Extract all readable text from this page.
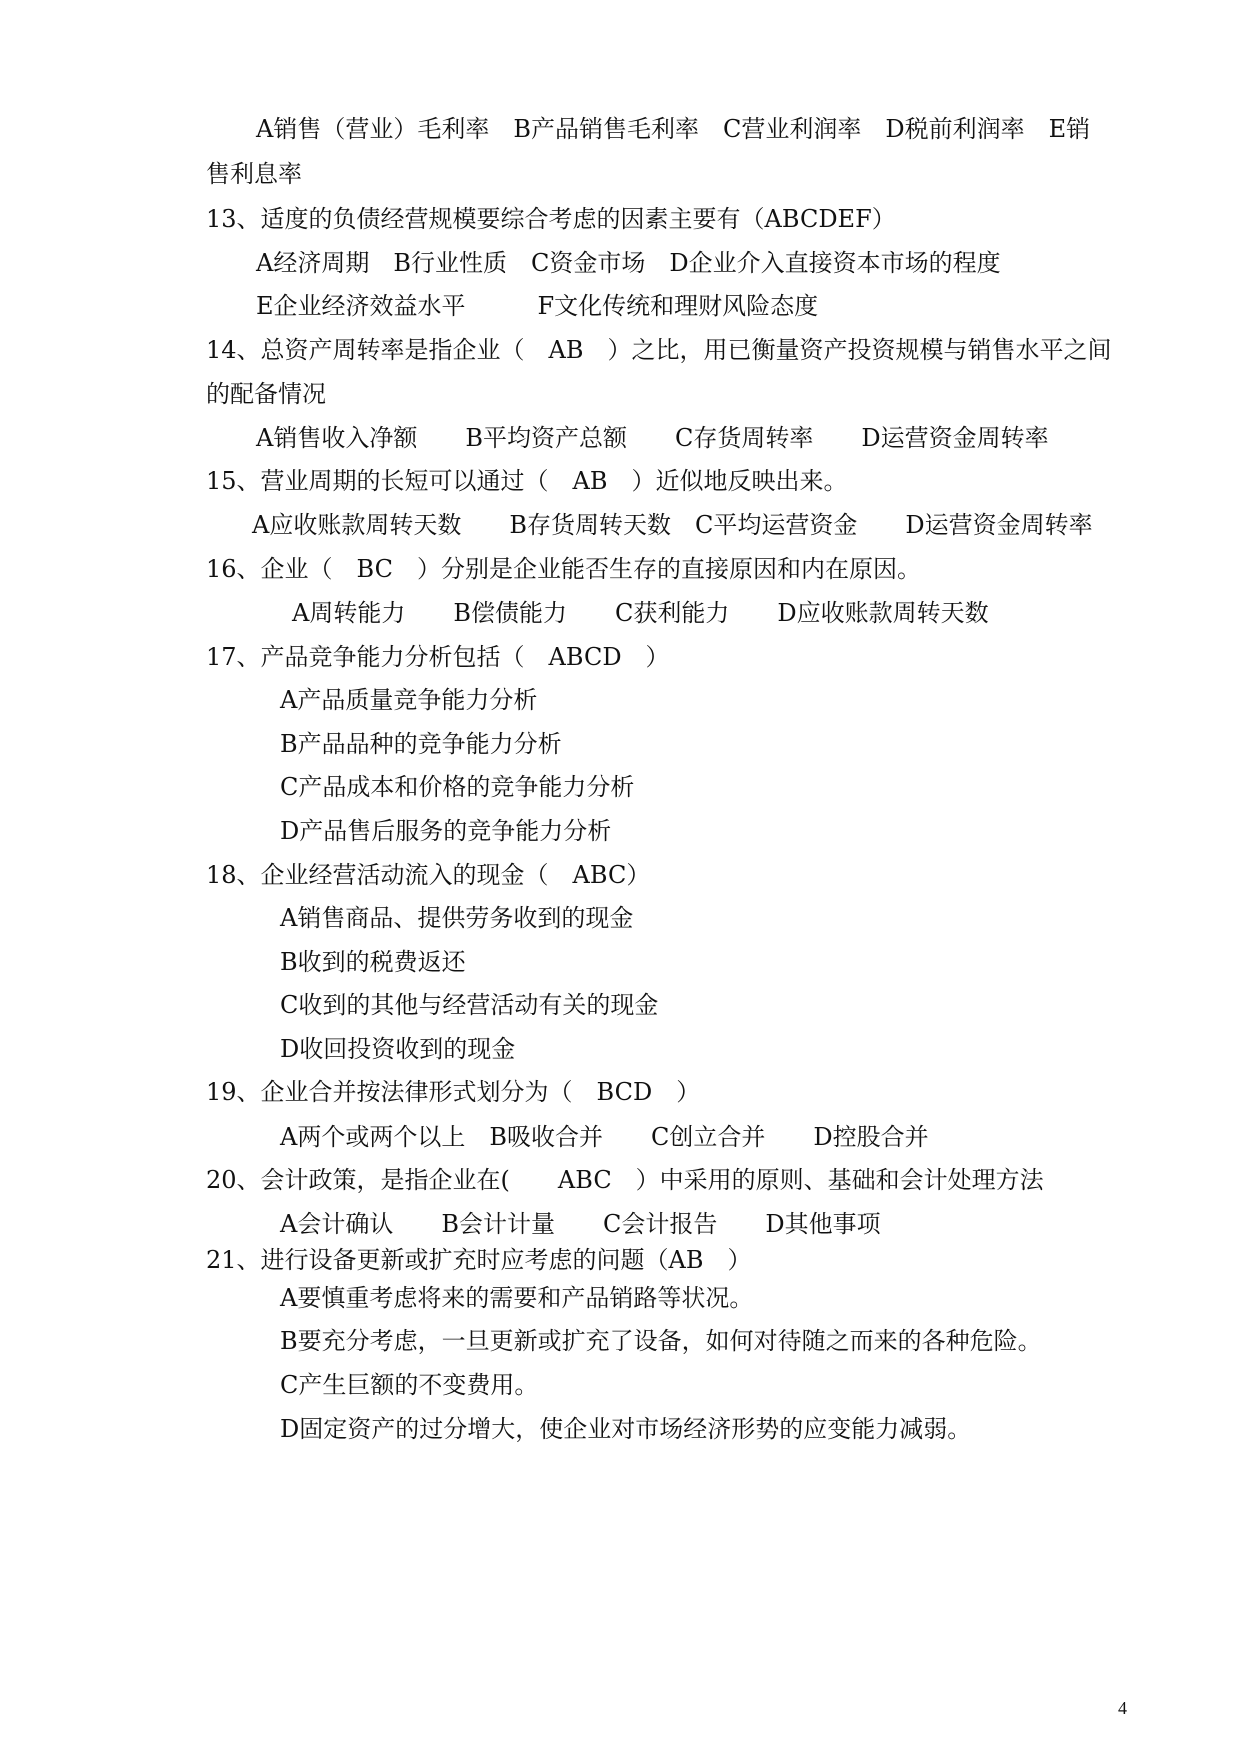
A销售（营业）毛利率　B产品销售毛利率　C营业利润率　D税前利润率　E销
售利息率
13、适度的负债经营规模要综合考虑的因素主要有（ABCDEF）
A经济周期　B行业性质　C资金市场　D企业介入直接资本市场的程度
E企业经济效益水平　　　F文化传统和理财风险态度
14、总资产周转率是指企业（　AB　）之比，用已衡量资产投资规模与销售水平之间
的配备情况
A销售收入净额　　B平均资产总额　　C存货周转率　　D运营资金周转率
15、营业周期的长短可以通过（　AB　）近似地反映出来。
A应收账款周转天数　　B存货周转天数　C平均运营资金　　D运营资金周转率
16、企业（　BC　）分别是企业能否生存的直接原因和内在原因。
A周转能力　　B偿债能力　　C获利能力　　D应收账款周转天数
17、产品竞争能力分析包括（　ABCD　）
A产品质量竞争能力分析
B产品品种的竞争能力分析
C产品成本和价格的竞争能力分析
D产品售后服务的竞争能力分析
18、企业经营活动流入的现金（　ABC）
A销售商品、提供劳务收到的现金
B收到的税费返还
C收到的其他与经营活动有关的现金
D收回投资收到的现金
19、企业合并按法律形式划分为（　BCD　）
A两个或两个以上　B吸收合并　　C创立合并　　D控股合并
20、会计政策，是指企业在(　　ABC　）中采用的原则、基础和会计处理方法
A会计确认　　B会计计量　　C会计报告　　D其他事项
21、进行设备更新或扩充时应考虑的问题（AB　）
A要慎重考虑将来的需要和产品销路等状况。
B要充分考虑，一旦更新或扩充了设备，如何对待随之而来的各种危险。
C产生巨额的不变费用。
D固定资产的过分增大，使企业对市场经济形势的应变能力减弱。
4
